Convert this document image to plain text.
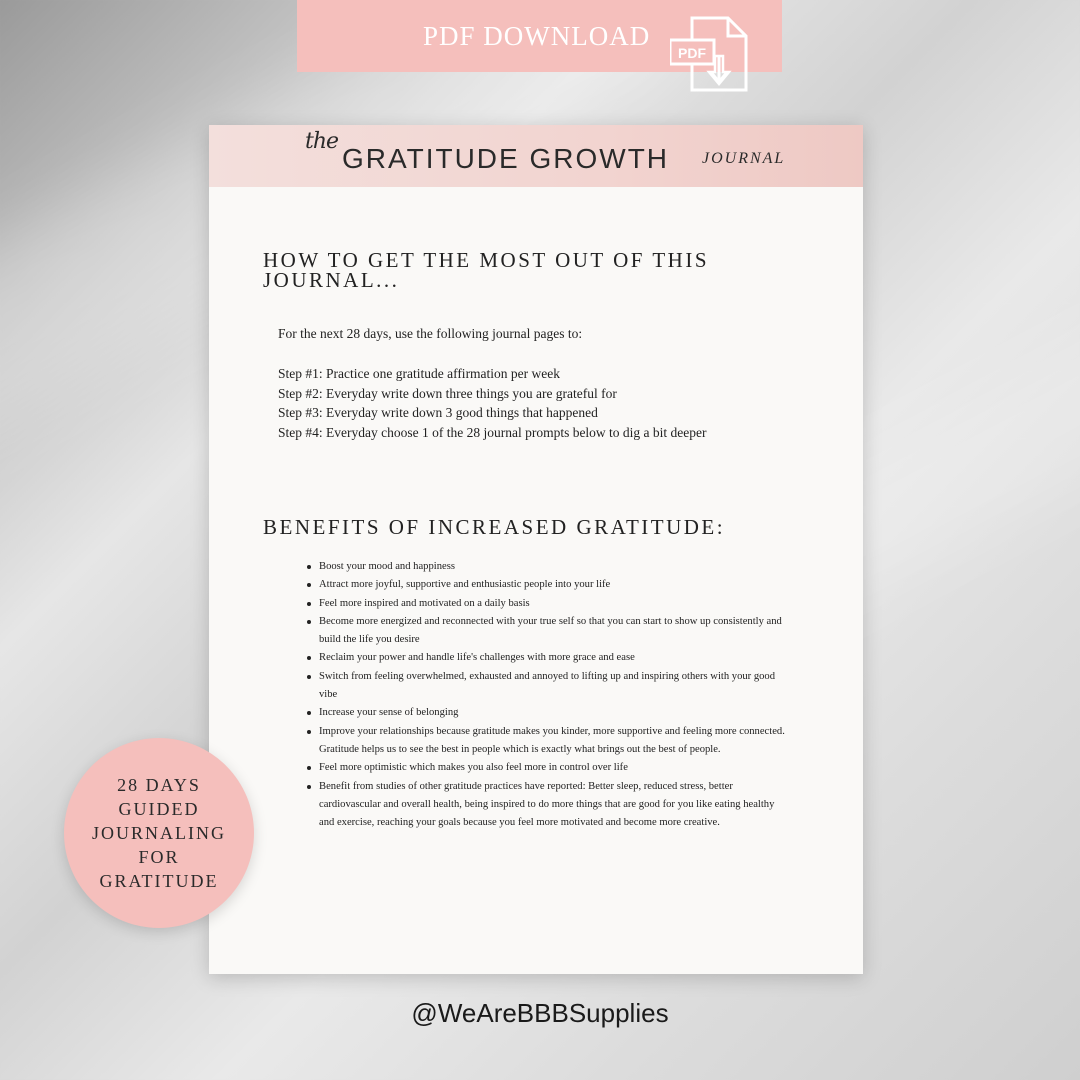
PDF DOWNLOAD
PDF
the
GRATITUDE GROWTH JOURNAL
HOW TO GET THE MOST OUT OF THIS
JOURNAL...
For the next 28 days, use the following journal pages to:
Step #1: Practice one gratitude affirmation per week
Step #2: Everyday write down three things you are grateful for
Step #3: Everyday write down 3 good things that happened
Step #4: Everyday choose 1 of the 28 journal prompts below to dig a bit deeper
BENEFITS OF INCREASED GRATITUDE:
Boost your mood and happiness
Attract more joyful, supportive and enthusiastic people into your life
Feel more inspired and motivated on a daily basis
Become more energized and reconnected with your true self so that you can start to show up consistently and build the life you desire
Reclaim your power and handle life's challenges with more grace and ease
Switch from feeling overwhelmed, exhausted and annoyed to lifting up and inspiring others with your good vibe
Increase your sense of belonging
Improve your relationships because gratitude makes you kinder, more supportive and feeling more connected. Gratitude helps us to see the best in people which is exactly what brings out the best of people.
Feel more optimistic which makes you also feel more in control over life
Benefit from studies of other gratitude practices have reported: Better sleep, reduced stress, better cardiovascular and overall health, being inspired to do more things that are good for you like eating healthy and exercise, reaching your goals because you feel more motivated and become more creative.
28 DAYS
GUIDED
JOURNALING
FOR
GRATITUDE
@WeAreBBBSupplies
